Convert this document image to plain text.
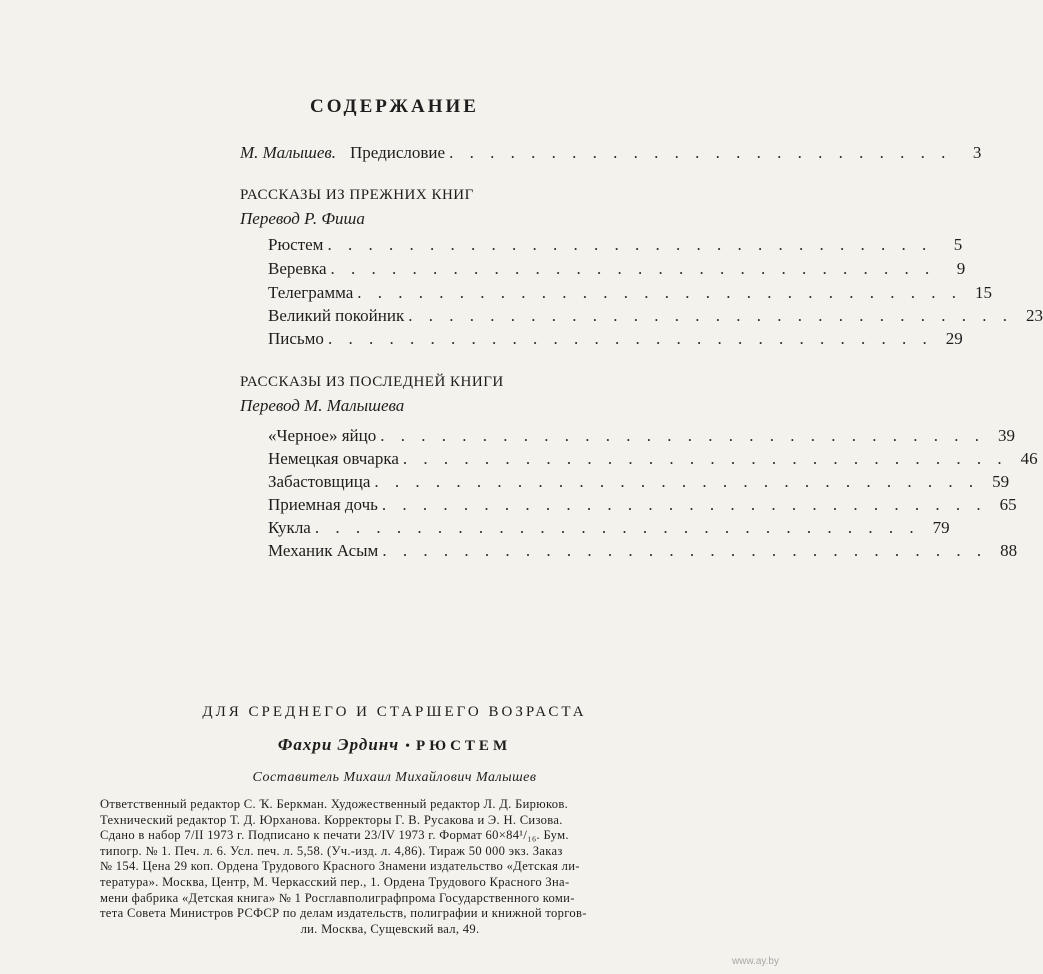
СОДЕРЖАНИЕ
М. Малышев. Предисловие . . . . . . . . . . . . . . . . . . . . . . . . .	3
РАССКАЗЫ ИЗ ПРЕЖНИХ КНИГ
Перевод Р. Фиша
Рюстем . . . . . . . . . . . . . . . . . . . . . . . . . . . . . .	5
Веревка . . . . . . . . . . . . . . . . . . . . . . . . . . . . . .	9
Телеграмма . . . . . . . . . . . . . . . . . . . . . . . . . . . . . . 15
Великий покойник . . . . . . . . . . . . . . . . . . . . . . . . . . . . . . 23
Письмо . . . . . . . . . . . . . . . . . . . . . . . . . . . . . . 29
РАССКАЗЫ ИЗ ПОСЛЕДНЕЙ КНИГИ
Перевод М. Малышева
«Черное» яйцо . . . . . . . . . . . . . . . . . . . . . . . . . . . . . . 39
Немецкая овчарка . . . . . . . . . . . . . . . . . . . . . . . . . . . . . . 46
Забастовщица . . . . . . . . . . . . . . . . . . . . . . . . . . . . . . 59
Приемная дочь . . . . . . . . . . . . . . . . . . . . . . . . . . . . . . 65
Кукла . . . . . . . . . . . . . . . . . . . . . . . . . . . . . . 79
Механик Асым . . . . . . . . . . . . . . . . . . . . . . . . . . . . . . 88
ДЛЯ СРЕДНЕГО И СТАРШЕГО ВОЗРАСТА
Фахри Эрдинч • РЮСТЕМ
Составитель Михаил Михайлович Малышев
Ответственный редактор С. Ҡ. Беркман. Художественный редактор Л. Д. Бирюков.
Технический редактор Т. Д. Юрханова. Корректоры Г. В. Русакова и Э. Н. Сизова.
Сдано в набор 7/II 1973 г. Подписано к печати 23/IV 1973 г. Формат 60×84¹/₁₆. Бум.
типогр. № 1. Печ. л. 6. Усл. печ. л. 5,58. (Уч.-изд. л. 4,86). Тираж 50 000 экз. Заказ
№ 154. Цена 29 коп. Ордена Трудового Красного Знамени издательство «Детская ли-
тература». Москва, Центр, М. Черкасский пер., 1. Ордена Трудового Красного Зна-
мени фабрика «Детская книга» № 1 Росглавполиграфпрома Государственного коми-
тета Совета Министров РСФСР по делам издательств, полиграфии и книжной торгов-
ли. Москва, Сущевский вал, 49.
www.ay.by
